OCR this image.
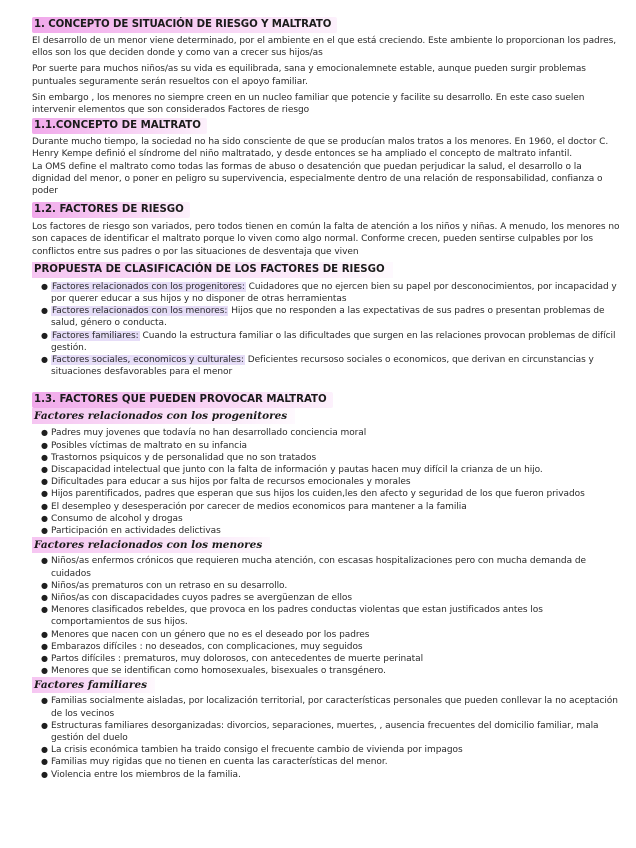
1. CONCEPTO DE SITUACIÓN DE RIESGO Y MALTRATO

El desarrollo de un menor viene determinado, por el ambiente en el que está creciendo. Este ambiente lo proporcionan los padres, ellos son los que deciden donde y como van a crecer sus hijos/as

Por suerte para muchos niños/as su vida es equilibrada, sana y emocionalemnete estable, aunque pueden surgir problemas puntuales seguramente serán resueltos con el apoyo familiar.

Sin embargo , los menores no siempre creen en un nucleo familiar que potencie y facilite su desarrollo. En este caso suelen intervenir elementos que son considerados Factores de riesgo

1.1.CONCEPTO DE MALTRATO

Durante mucho tiempo, la sociedad no ha sido consciente de que se producían malos tratos a los menores. En 1960, el doctor C. Henry Kempe definió el síndrome del niño maltratado, y desde entonces se ha ampliado el concepto de maltrato infantil.

La OMS define el maltrato como todas las formas de abuso o desatención que puedan perjudicar la salud, el desarrollo o la dignidad del menor, o poner en peligro su supervivencia, especialmente dentro de una relación de responsabilidad, confianza o poder

1.2. FACTORES DE RIESGO

Los factores de riesgo son variados, pero todos tienen en común la falta de atención a los niños y niñas. A menudo, los menores no son capaces de identificar el maltrato porque lo viven como algo normal. Conforme crecen, pueden sentirse culpables por los conflictos entre sus padres o por las situaciones de desventaja que viven

PROPUESTA DE CLASIFICACIÓN DE LOS FACTORES DE RIESGO
● Factores relacionados con los progenitores: Cuidadores que no ejercen bien su papel por desconocimientos, por incapacidad y por querer educar a sus hijos y no disponer de otras herramientas
● Factores relacionados con los menores: Hijos que no responden a las expectativas de sus padres o presentan problemas de salud, género o conducta.
● Factores familiares: Cuando la estructura familiar o las dificultades que surgen en las relaciones provocan problemas de difícil gestión.
● Factores sociales, economicos y culturales: Deficientes recursoso sociales o economicos, que derivan en circunstancias y situaciones desfavorables para el menor
1.3. FACTORES QUE PUEDEN PROVOCAR MALTRATO
Factores relacionados con los progenitores
● Padres muy jovenes que todavía no han desarrollado conciencia moral
● Posibles víctimas de maltrato en su infancia
● Trastornos psiquicos y de personalidad que no son tratados
● Discapacidad intelectual que junto con la falta de información y pautas hacen muy difícil la crianza de un hijo.
● Dificultades para educar a sus hijos por falta de recursos emocionales y morales
● Hijos parentificados, padres que esperan que sus hijos los cuiden,les den afecto y seguridad de los que fueron privados
● El desempleo y desesperación por carecer de medios economicos para mantener a la familia
● Consumo de alcohol y drogas
● Participación en actividades delictivas
Factores relacionados con los menores
● Niños/as enfermos crónicos que requieren mucha atención, con escasas hospitalizaciones pero con mucha demanda de cuidados
● Niños/as prematuros con un retraso en su desarrollo.
● Niños/as con discapacidades cuyos padres se avergüenzan de ellos
● Menores clasificados rebeldes, que provoca en los padres conductas violentas que estan justificados antes los comportamientos de sus hijos.
● Menores que nacen con un género que no es el deseado por los padres
● Embarazos difíciles : no deseados, con complicaciones, muy seguidos
● Partos difíciles : prematuros, muy dolorosos, con antecedentes de muerte perinatal
● Menores que se identifican como homosexuales, bisexuales o transgénero.
Factores familiares
● Familias socialmente aisladas, por localización territorial, por características personales que pueden conllevar la no aceptación de los vecinos
● Estructuras familiares desorganizadas: divorcios, separaciones, muertes, , ausencia frecuentes del domicilio familiar, mala gestión del duelo
● La crisis económica tambien ha traido consigo el frecuente cambio de vivienda por impagos
● Familias muy rigidas que no tienen en cuenta las características del menor.
● Violencia entre los miembros de la familia.
